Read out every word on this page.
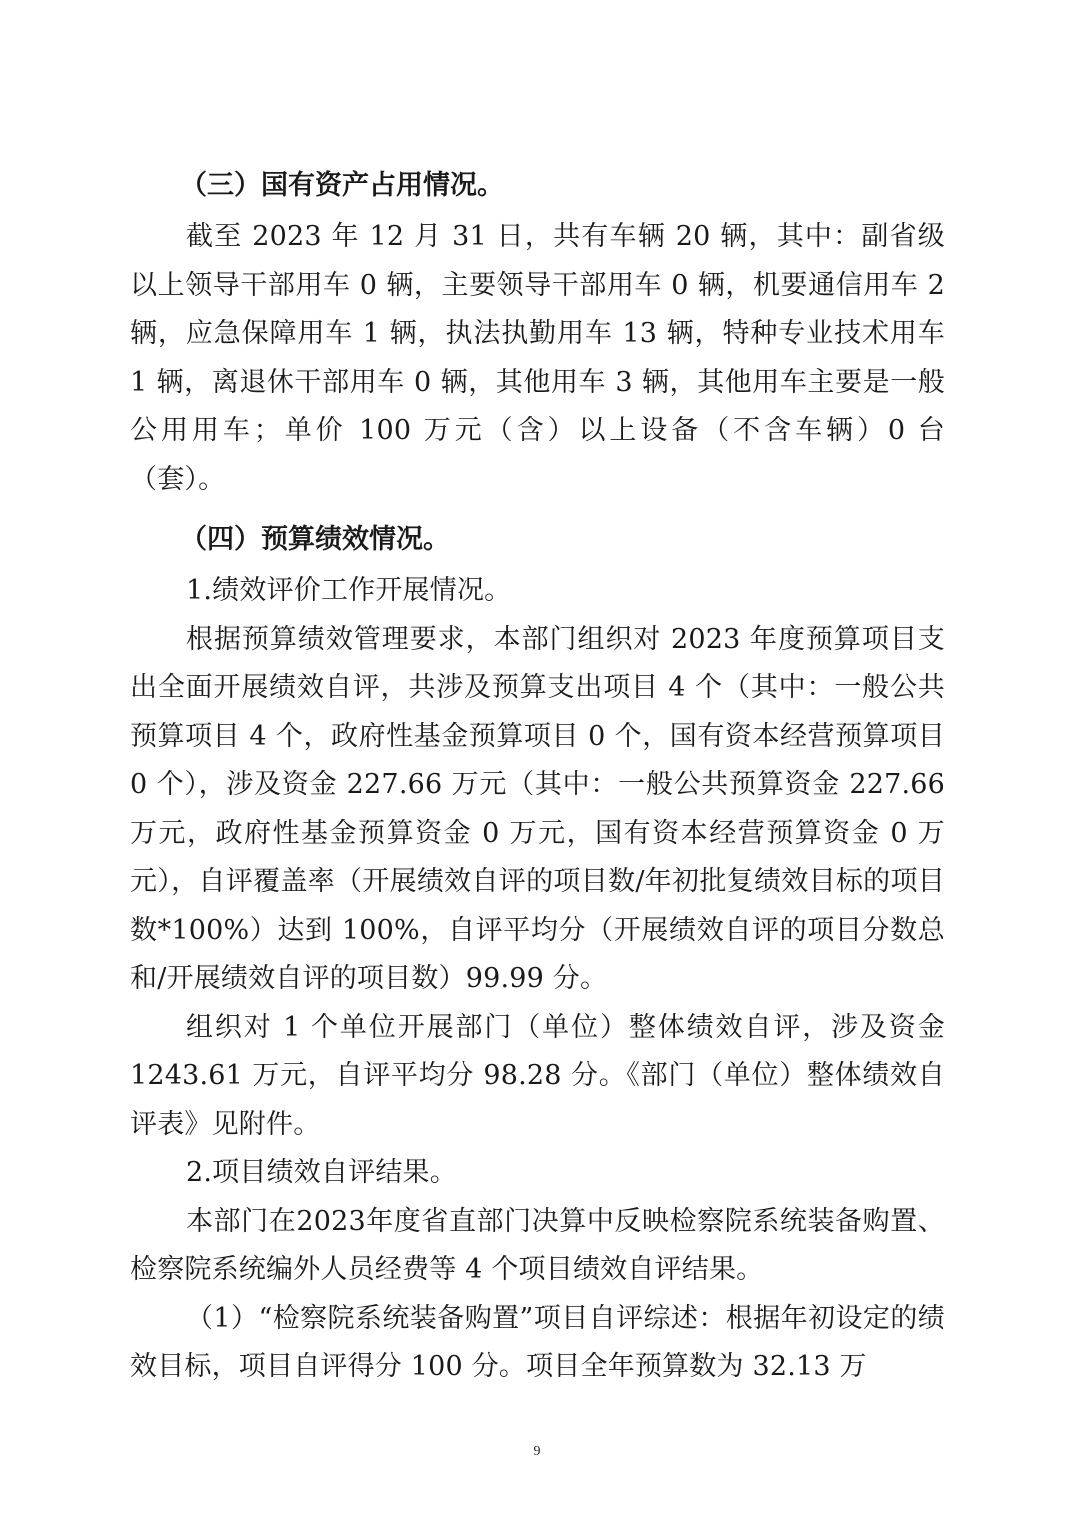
（三）国有资产占用情况。

截至 2023 年 12 月 31 日，共有车辆 20 辆，其中：副省级以上领导干部用车 0 辆，主要领导干部用车 0 辆，机要通信用车 2 辆，应急保障用车 1 辆，执法执勤用车 13 辆，特种专业技术用车 1 辆，离退休干部用车 0 辆，其他用车 3 辆，其他用车主要是一般公用用车；单价 100 万元（含）以上设备（不含车辆）0 台（套）。

（四）预算绩效情况。

1.绩效评价工作开展情况。

根据预算绩效管理要求，本部门组织对 2023 年度预算项目支出全面开展绩效自评，共涉及预算支出项目 4 个（其中：一般公共预算项目 4 个，政府性基金预算项目 0 个，国有资本经营预算项目 0 个），涉及资金 227.66 万元（其中：一般公共预算资金 227.66 万元，政府性基金预算资金 0 万元，国有资本经营预算资金 0 万元），自评覆盖率（开展绩效自评的项目数/年初批复绩效目标的项目数*100%）达到 100%，自评平均分（开展绩效自评的项目分数总和/开展绩效自评的项目数）99.99 分。

组织对 1 个单位开展部门（单位）整体绩效自评，涉及资金 1243.61 万元，自评平均分 98.28 分。《部门（单位）整体绩效自评表》见附件。

2.项目绩效自评结果。

本部门在2023年度省直部门决算中反映检察院系统装备购置、检察院系统编外人员经费等 4 个项目绩效自评结果。

（1）“检察院系统装备购置”项目自评综述：根据年初设定的绩效目标，项目自评得分 100 分。项目全年预算数为 32.13 万

9
